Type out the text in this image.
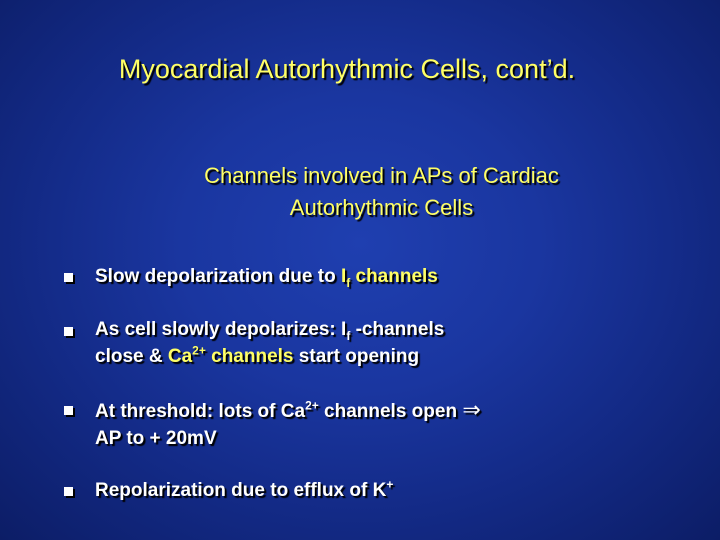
Myocardial Autorhythmic Cells, cont’d.
Channels involved in APs of Cardiac
Autorhythmic Cells
Slow depolarization due to $I_f$ channels
As cell slowly depolarizes: $I_f$ -channels
close & $Ca^{2+}$ channels start opening
At threshold: lots of $Ca^{2+}$ channels open ⇒
AP to + 20mV
Repolarization due to efflux of K+
